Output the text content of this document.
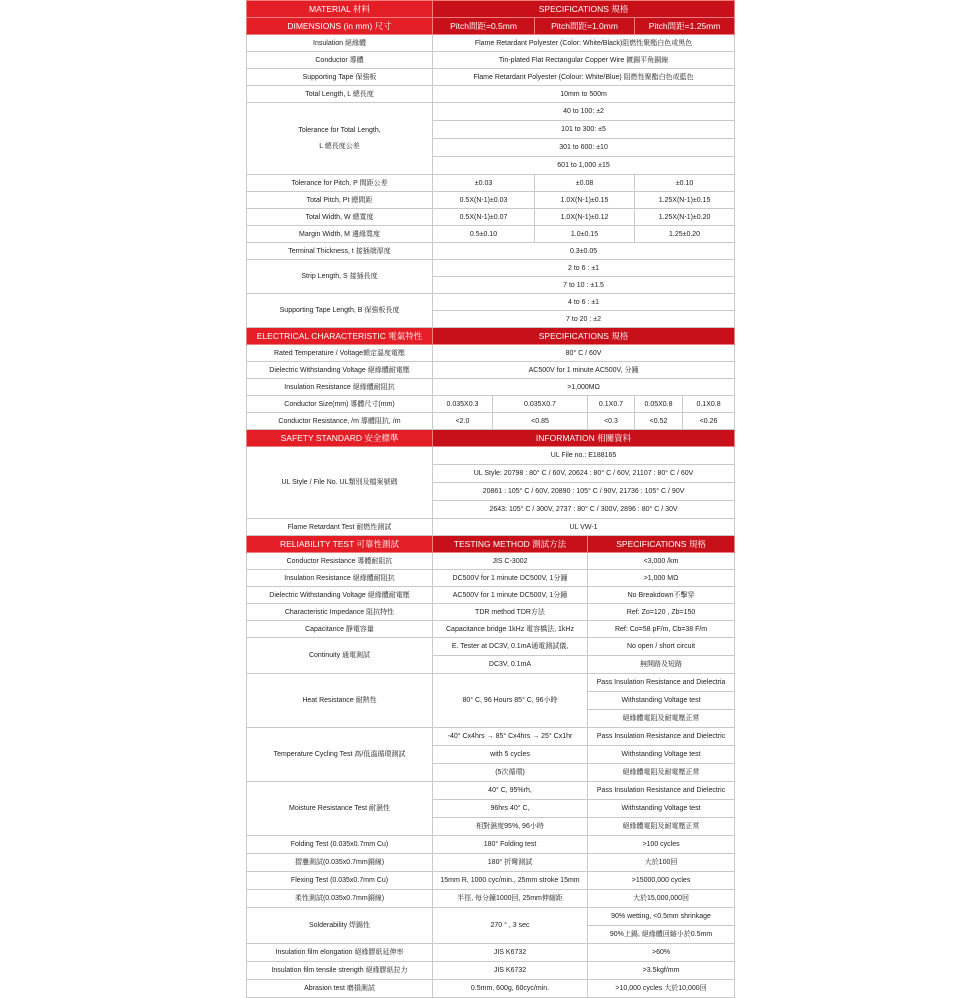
MATERIAL 材料	SPECIFICATIONS 規格					
DIMENSIONS (in mm) 尺寸	Pitch間距=0.5mm		Pitch間距=1.0mm		Pitch間距=1.25mm	
Insulation 絕緣體	Flame Retardant Polyester (Color: White/Black)阻燃性聚酯白色或黑色					
Conductor 導體	Tin-plated Flat Rectangular Copper Wire 鍍錫平角銅線					
Supporting Tape 保強板	Flame Retardant Polyester (Colour: White/Blue) 阻燃性聚酯白色或藍色					
Total Length, L 總長度	10mm to 500m					
Tolerance for Total Length,
L 總長度公差	40 to 100: ±2					
	101 to 300: ±5					
	301 to 600: ±10					
	601 to 1,000 ±15					
Tolerance for Pitch, P 間距公差	±0.03		±0.08		±0.10	
Total Pitch, Pt 總間距	0.5X(N-1)±0.03		1.0X(N-1)±0.15		1.25X(N-1)±0.15	
Total Width, W 總寬度	0.5X(N-1)±0.07		1.0X(N-1)±0.12		1.25X(N-1)±0.20	
Margin Width, M 邊緣寬度	0.5±0.10		1.0±0.15		1.25±0.20	
Terminal Thickness, t 接插端厚度	0.3±0.05					
Strip Length, S 接插長度	2 to 6 : ±1					
	7 to 10 : ±1.5					
Supporting Tape Length, B 保強板長度	4 to 6 : ±1					
	7 to 20 : ±2					
ELECTRICAL CHARACTERISTIC 電氣特性	SPECIFICATIONS 規格					
Rated Temperature / Voltage額定溫度電壓	80° C / 60V					
Dielectric Withstanding Voltage 絕緣體耐電壓	AC500V for 1 minute AC500V, 分鐘					
Insulation Resistance 絕緣體耐阻抗	>1,000MΩ					
Conductor Size(mm) 導體尺寸(mm)	0.035X0.3	0.035X0.7		0.1X0.7	0.05X0.8	0.1X0.8
Conductor Resistance, /m 導體阻抗, /m	<2.0	<0.85		<0.3	<0.52	<0.26
SAFETY STANDARD 安全標準	INFORMATION 相關資料					
UL Style / File No. UL類別及檔案號碼	UL File no.: E188165					
	UL Style: 20798 : 80° C / 60V, 20624 : 80° C / 60V, 21107 : 80° C / 60V					
	20861 : 105° C / 60V, 20890 : 105° C / 90V, 21736 : 105° C / 90V					
	2643: 105° C / 300V, 2737 : 80° C / 300V, 2896 : 80° C / 30V					
Flame Retardant Test 耐燃性測試	UL VW-1					
RELIABILITY TEST 可靠性測試	TESTING METHOD 測試方法			SPECIFICATIONS 規格		
Conductor Resistance 導體耐阻抗	JIS C-3002			<3,000 /km		
Insulation Resistance 絕緣體耐阻抗	DC500V for 1 minute DC500V, 1分鐘			>1,000 MΩ		
Dielectric Withstanding Voltage 絕緣體耐電壓	AC500V for 1 minute DC500V, 1分鐘			No Breakdown不擊穿		
Characteristic Impedance 阻抗特性	TDR method TDR方法			Ref: Zo=120 , Zb=150		
Capacitance 靜電容量	Capacitance bridge 1kHz 電容橋法, 1kHz			Ref: Co=58 pF/m, Cb=38 F/m		
Continuity 通電測試	E. Tester at DC3V, 0.1mA通電測試儀,			No open / short circuit		
	DC3V, 0.1mA			無開路及短路		
Heat Resistance 耐熱性	80° C, 96 Hours 85° C, 96小時			Pass Insulation Resistance and Dielectria		
				Withstanding Voltage test		
				絕緣體電阻及耐電壓正常		
Temperature Cycling Test 高/低溫循環測試	-40° Cx4hrs → 85° Cx4hrs → 25° Cx1hr			Pass Insulation Resistance and Dielectric		
	with 5 cycles			Withstanding Voltage test		
	(5次循環)			絕緣體電阻及耐電壓正常		
Moisture Resistance Test 耐濕性	40° C, 95%rh,			Pass Insulation Resistance and Dielectric		
	96hrs 40° C,			Withstanding Voltage test		
	相對濕度95%, 96小時			絕緣體電阻及耐電壓正常		
Folding Test (0.035x0.7mm Cu)	180° Folding test			>100 cycles		
摺疊測試(0.035x0.7mm銅線)	180° 折彎測試			大於100回		
Flexing Test (0.035x0.7mm Cu)	15mm R, 1000 cyc/min., 25mm stroke 15mm			>15000,000 cycles		
柔性測試(0.035x0.7mm銅線)	半徑, 每分鐘1000回, 25mm伸縮距			大於15,000,000回		
Solderability 焊錫性	270 ° , 3 sec			90% wetting, <0.5mm shrinkage		
				90%上錫, 絕緣體回縮小於0.5mm		
Insulation film elongation 絕緣膠紙延伸率	JIS K6732			>60%		
Insulation film tensile strength 絕緣膠紙拉力	JIS K6732			>3.5kgf/mm		
Abrasion test 磨損測試	0.5mm, 600g, 60cyc/min.			>10,000 cycles 大於10,000回		
